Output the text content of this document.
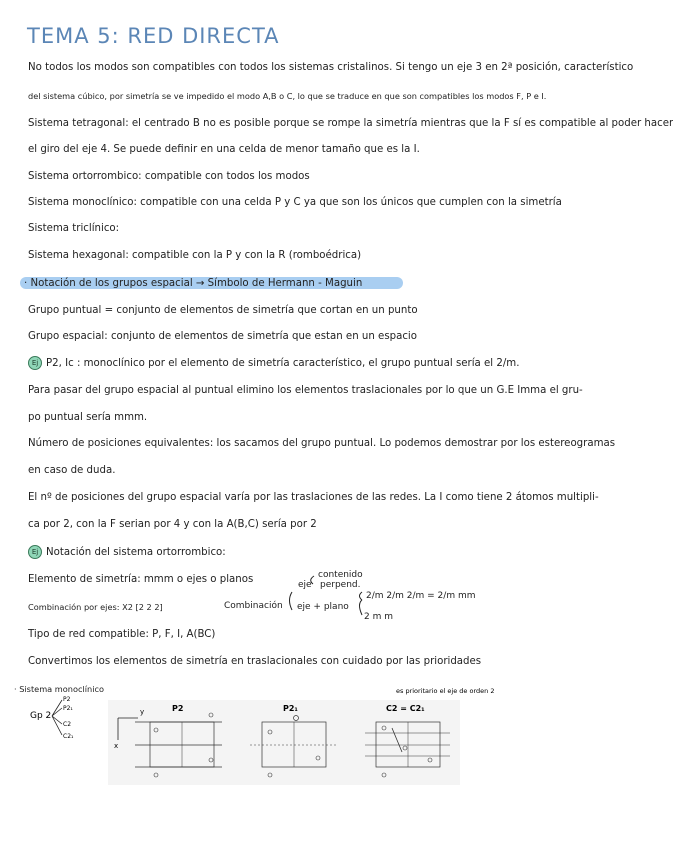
TEMA 5: RED DIRECTA
No todos los modos son compatibles con todos los sistemas cristalinos. Si tengo un eje 3 en 2ª posición, característico
del sistema cúbico, por simetría se ve impedido el modo A,B o C, lo que se traduce en que son compatibles los modos F, P e I.
Sistema tetragonal: el centrado B no es posible porque se rompe la simetría mientras que la F sí es compatible al poder hacer
el giro del eje 4. Se puede definir en una celda de menor tamaño que es la I.
Sistema ortorrombico: compatible con todos los modos
Sistema monoclínico: compatible con una celda P y C ya que son los únicos que cumplen con la simetría
Sistema triclínico:
Sistema hexagonal: compatible con la P y con la R (romboédrica)
· Notación de los grupos espacial → Símbolo de Hermann - Maguin
Grupo puntual = conjunto de elementos de simetría que cortan en un punto
Grupo espacial: conjunto de elementos de simetría que estan en un espacio
Ej P2, Ic : monoclínico por el elemento de simetría característico, el grupo puntual sería el 2/m.
Para pasar del grupo espacial al puntual elimino los elementos traslacionales por lo que un G.E Imma el gru-
po puntual sería mmm.
Número de posiciones equivalentes: los sacamos del grupo puntual. Lo podemos demostrar por los estereogramas
en caso de duda.
El nº de posiciones del grupo espacial varía por las traslaciones de las redes. La I como tiene 2 átomos multipli-
ca por 2, con la F serian por 4 y con la A(B,C) sería por 2
Ej Notación del sistema ortorrombico:
Elemento de simetría: mmm o ejes o planos
Combinación por ejes: X2 [2 2 2]	Combinación eje + plano
eje
contenido
perpend.
2/m 2/m 2/m = 2/m mm
2 m m
Tipo de red compatible: P, F, I, A(BC)
Convertimos los elementos de simetría en traslacionales con cuidado por las prioridades
· Sistema monoclínico
Gp 2
P2
P2₁
C2
C2₁
y
x
P2	P2₁	C2 = C2₁
es prioritario el eje de orden 2
